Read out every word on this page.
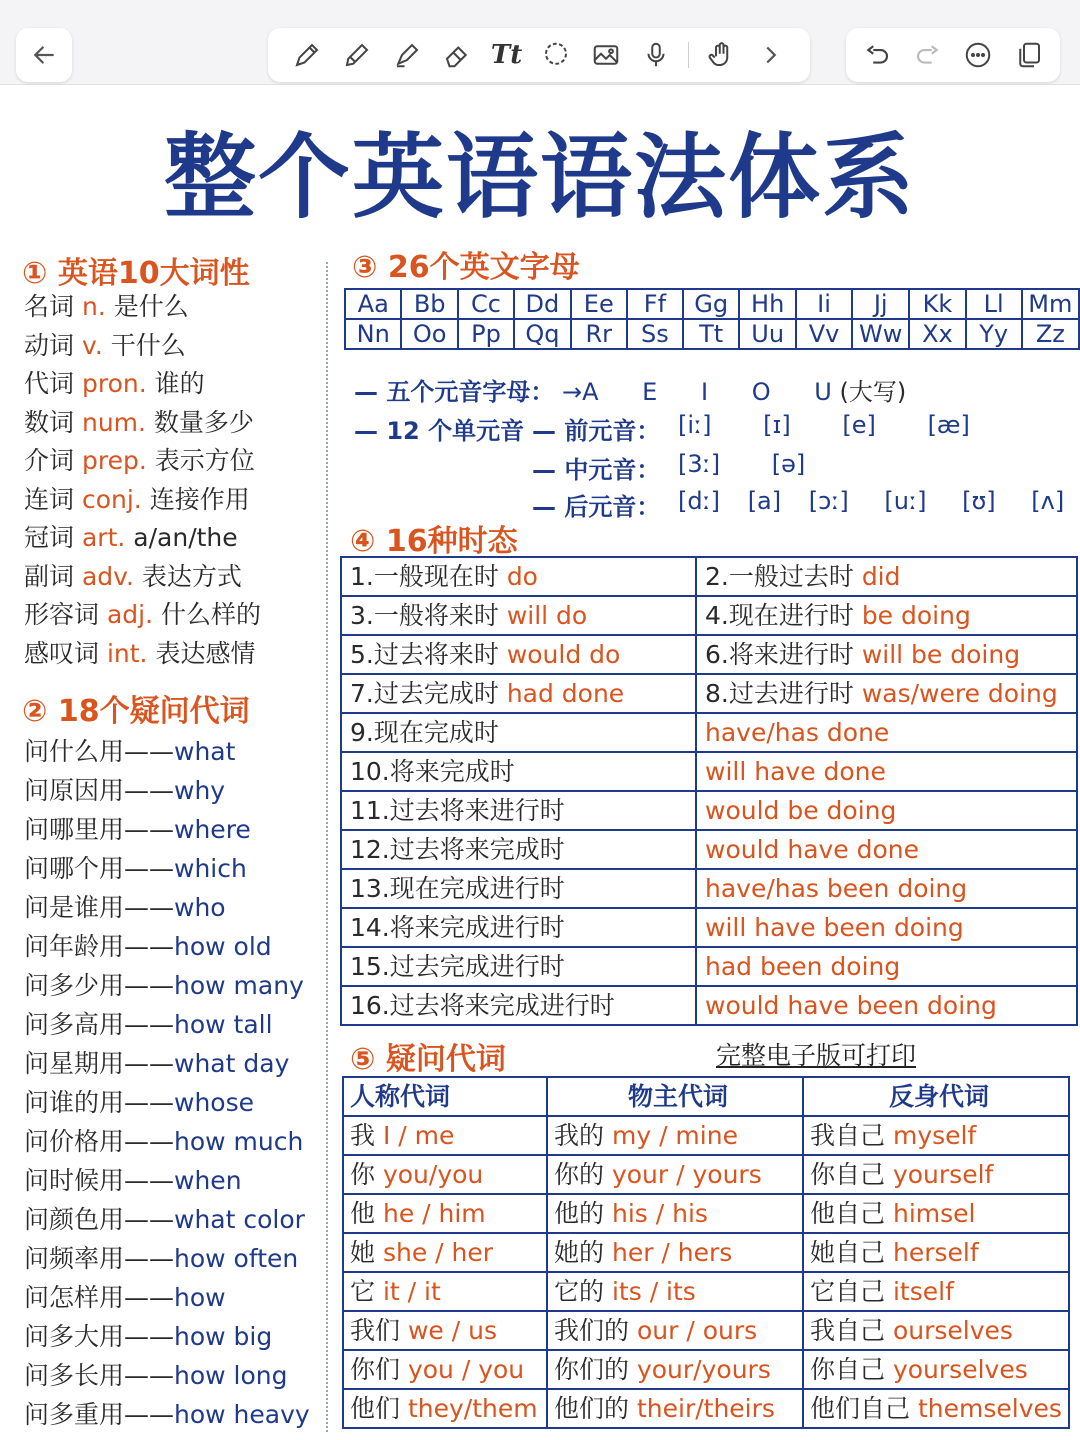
Tt
整个英语语法体系
① 英语10大词性
名词 n. 是什么
动词 v. 干什么
代词 pron. 谁的
数词 num. 数量多少
介词 prep. 表示方位
连词 conj. 连接作用
冠词 art. a/an/the
副词 adv. 表达方式
形容词 adj. 什么样的
感叹词 int. 表达感情
② 18个疑问代词
问什么用——what
问原因用——why
问哪里用——where
问哪个用——which
问是谁用——who
问年龄用——how old
问多少用——how many
问多高用——how tall
问星期用——what day
问谁的用——whose
问价格用——how much
问时候用——when
问颜色用——what color
问频率用——how often
问怎样用——how
问多大用——how big
问多长用——how long
问多重用——how heavy
③ 26个英文字母
Aa	Bb	Cc	Dd	Ee	Ff	Gg	Hh	Ii	Jj	Kk	Ll	Mm
Nn	Oo	Pp	Qq	Rr	Ss	Tt	Uu	Vv	Ww	Xx	Yy	Zz
— 五个元音字母： →A E I O U (大写)
— 12 个单元音 — 前元音： [iː] [ɪ] [e] [æ]
— 中元音： [3ː] [ə]
— 后元音： [dː] [a] [ɔː] [uː] [ʊ] [ʌ]
④ 16种时态
1.一般现在时 do	2.一般过去时 did
3.一般将来时 will do	4.现在进行时 be doing
5.过去将来时 would do	6.将来进行时 will be doing
7.过去完成时 had done	8.过去进行时 was/were doing
9.现在完成时	have/has done
10.将来完成时	will have done
11.过去将来进行时	would be doing
12.过去将来完成时	would have done
13.现在完成进行时	have/has been doing
14.将来完成进行时	will have been doing
15.过去完成进行时	had been doing
16.过去将来完成进行时	would have been doing
⑤ 疑问代词	完整电子版可打印
人称代词	物主代词	反身代词
我 I / me	我的 my / mine	我自己 myself
你 you/you	你的 your / yours	你自己 yourself
他 he / him	他的 his / his	他自己 himsel
她 she / her	她的 her / hers	她自己 herself
它 it / it	它的 its / its	它自己 itself
我们 we / us	我们的 our / ours	我自己 ourselves
你们 you / you	你们的 your/yours	你自己 yourselves
他们 they/them	他们的 their/theirs	他们自己 themselves
